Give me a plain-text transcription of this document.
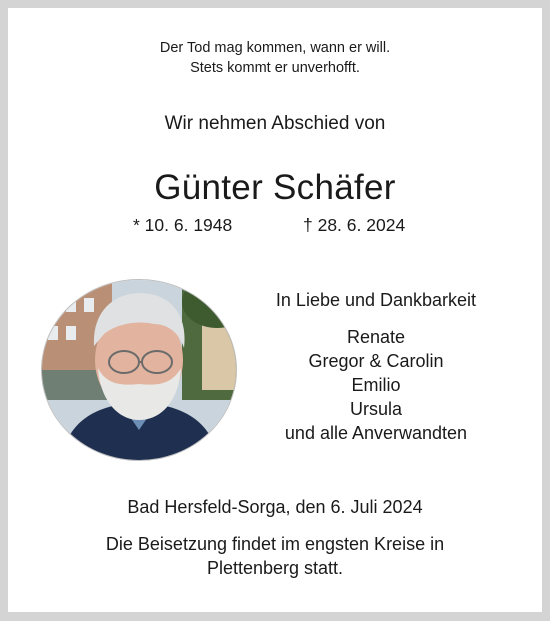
Der Tod mag kommen, wann er will.
Stets kommt er unverhofft.
Wir nehmen Abschied von
Günter Schäfer
* 10. 6. 1948	† 28. 6. 2024
In Liebe und Dankbarkeit
Renate
Gregor & Carolin
Emilio
Ursula
und alle Anverwandten
Bad Hersfeld-Sorga, den 6. Juli 2024
Die Beisetzung findet im engsten Kreise in
Plettenberg statt.
